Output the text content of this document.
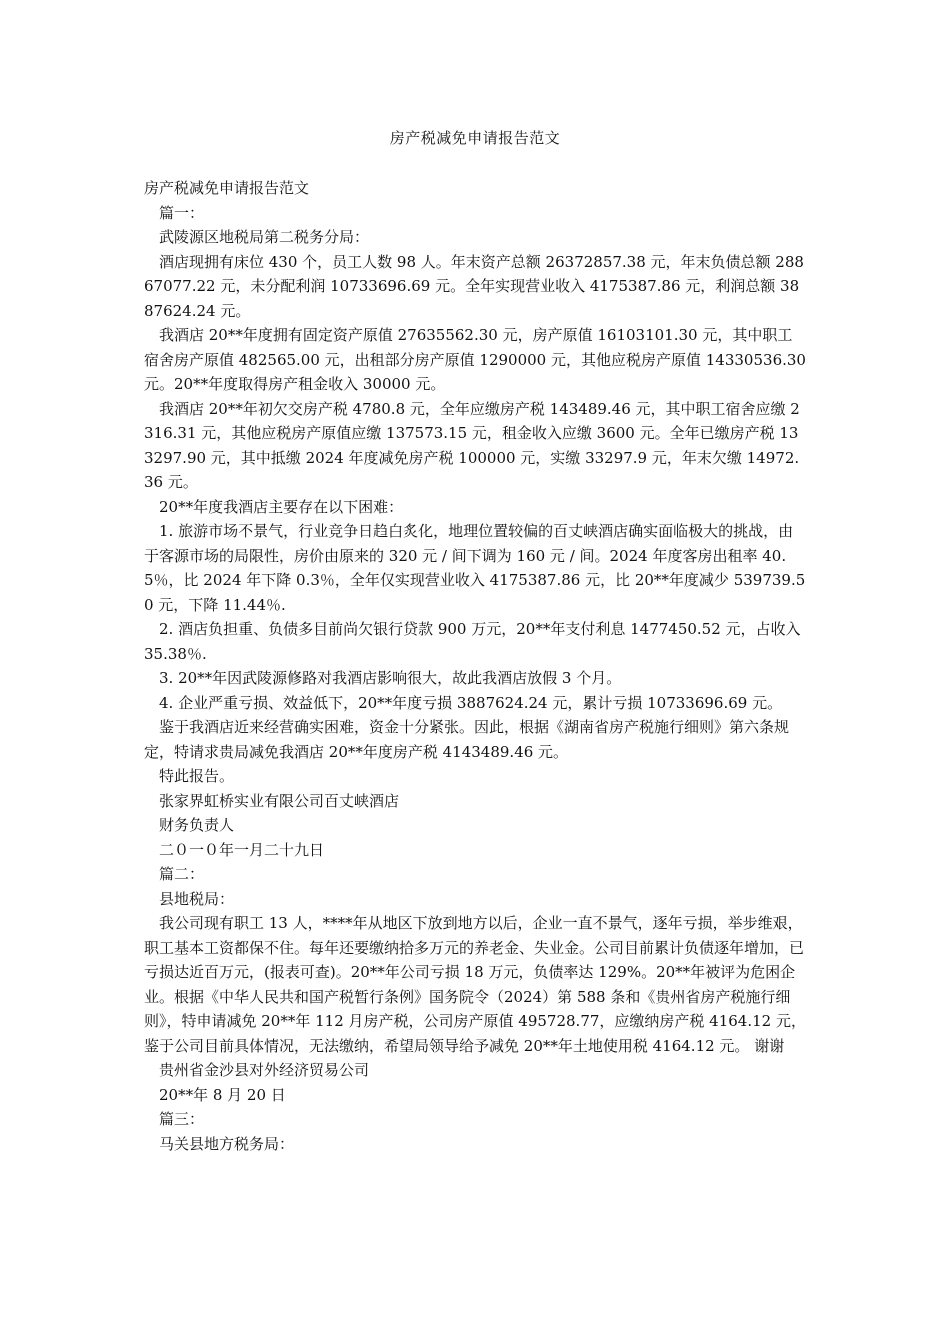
房产税减免申请报告范文

房产税减免申请报告范文

篇一：

武陵源区地税局第二税务分局：

酒店现拥有床位 430 个，员工人数 98 人。年末资产总额 26372857.38 元，年末负债总额 28867077.22 元，未分配利润 10733696.69 元。全年实现营业收入 4175387.86 元，利润总额 3887624.24 元。

我酒店 20**年度拥有固定资产原值 27635562.30 元，房产原值 16103101.30 元，其中职工宿舍房产原值 482565.00 元，出租部分房产原值 1290000 元，其他应税房产原值 14330536.30 元。20**年度取得房产租金收入 30000 元。

我酒店 20**年初欠交房产税 4780.8 元，全年应缴房产税 143489.46 元，其中职工宿舍应缴 2316.31 元，其他应税房产原值应缴 137573.15 元，租金收入应缴 3600 元。全年已缴房产税 133297.90 元，其中抵缴 2024 年度减免房产税 100000 元，实缴 33297.9 元，年末欠缴 14972.36 元。

20**年度我酒店主要存在以下困难：

1. 旅游市场不景气，行业竞争日趋白炙化，地理位置较偏的百丈峡酒店确实面临极大的挑战，由于客源市场的局限性，房价由原来的 320 元 / 间下调为 160 元 / 间。2024 年度客房出租率 40.5％，比 2024 年下降 0.3％，全年仅实现营业收入 4175387.86 元，比 20**年度减少 539739.50 元，下降 11.44％.

2. 酒店负担重、负债多目前尚欠银行贷款 900 万元，20**年支付利息 1477450.52 元，占收入 35.38％.

3. 20**年因武陵源修路对我酒店影响很大，故此我酒店放假 3 个月。

4. 企业严重亏损、效益低下，20**年度亏损 3887624.24 元，累计亏损 10733696.69 元。

鉴于我酒店近来经营确实困难，资金十分紧张。因此，根据《湖南省房产税施行细则》第六条规定，特请求贵局减免我酒店 20**年度房产税 4143489.46 元。

特此报告。

张家界虹桥实业有限公司百丈峡酒店

财务负责人

二０一０年一月二十九日

篇二：

县地税局：

我公司现有职工 13 人，****年从地区下放到地方以后，企业一直不景气，逐年亏损，举步维艰，职工基本工资都保不住。每年还要缴纳拾多万元的养老金、失业金。公司目前累计负债逐年增加，已亏损达近百万元，(报表可查)。20**年公司亏损 18 万元，负债率达 129%。20**年被评为危困企业。根据《中华人民共和国产税暂行条例》国务院令（2024）第 588 条和《贵州省房产税施行细则》，特申请减免 20**年 112 月房产税，公司房产原值 495728.77，应缴纳房产税 4164.12 元，鉴于公司目前具体情况，无法缴纳，希望局领导给予减免 20**年土地使用税 4164.12 元。 谢谢

贵州省金沙县对外经济贸易公司

20**年 8 月 20 日

篇三：

马关县地方税务局：
